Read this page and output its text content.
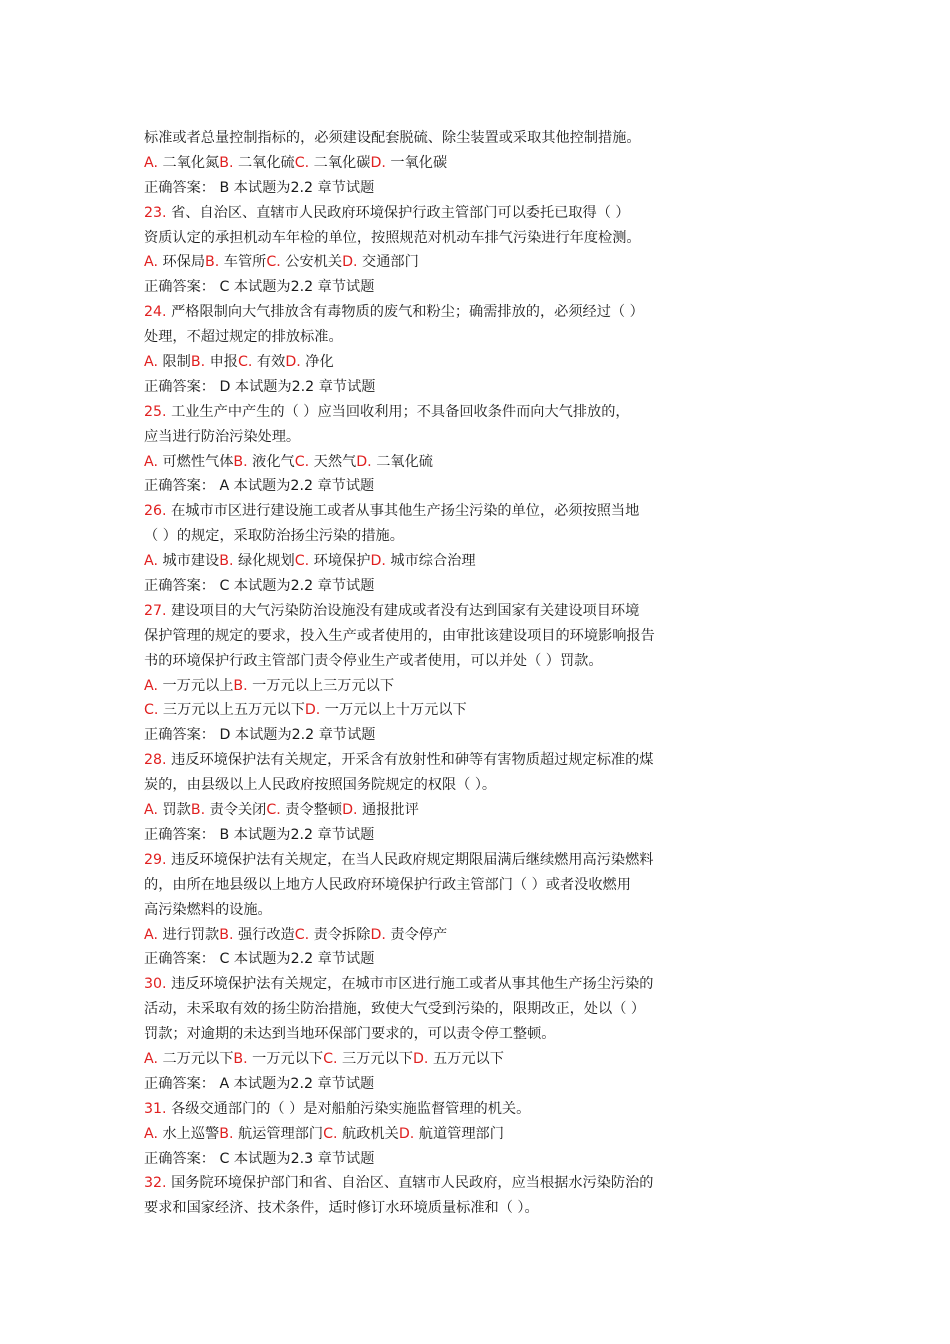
标准或者总量控制指标的，必须建设配套脱硫、除尘装置或采取其他控制措施。
A. 二氧化氮B. 二氧化硫C. 二氧化碳D. 一氧化碳
正确答案： B 本试题为2.2 章节试题
23. 省、自治区、直辖市人民政府环境保护行政主管部门可以委托已取得（ ）
资质认定的承担机动车年检的单位，按照规范对机动车排气污染进行年度检测。
A. 环保局B. 车管所C. 公安机关D. 交通部门
正确答案： C 本试题为2.2 章节试题
24. 严格限制向大气排放含有毒物质的废气和粉尘；确需排放的，必须经过（ ）
处理，不超过规定的排放标准。
A. 限制B. 申报C. 有效D. 净化
正确答案： D 本试题为2.2 章节试题
25. 工业生产中产生的（ ）应当回收利用；不具备回收条件而向大气排放的，
应当进行防治污染处理。
A. 可燃性气体B. 液化气C. 天然气D. 二氧化硫
正确答案： A 本试题为2.2 章节试题
26. 在城市市区进行建设施工或者从事其他生产扬尘污染的单位，必须按照当地
（ ）的规定，采取防治扬尘污染的措施。
A. 城市建设B. 绿化规划C. 环境保护D. 城市综合治理
正确答案： C 本试题为2.2 章节试题
27. 建设项目的大气污染防治设施没有建成或者没有达到国家有关建设项目环境
保护管理的规定的要求，投入生产或者使用的，由审批该建设项目的环境影响报告
书的环境保护行政主管部门责令停业生产或者使用，可以并处（ ）罚款。
A. 一万元以上B. 一万元以上三万元以下
C. 三万元以上五万元以下D. 一万元以上十万元以下
正确答案： D 本试题为2.2 章节试题
28. 违反环境保护法有关规定，开采含有放射性和砷等有害物质超过规定标准的煤
炭的，由县级以上人民政府按照国务院规定的权限（ ）。
A. 罚款B. 责令关闭C. 责令整顿D. 通报批评
正确答案： B 本试题为2.2 章节试题
29. 违反环境保护法有关规定，在当人民政府规定期限届满后继续燃用高污染燃料
的，由所在地县级以上地方人民政府环境保护行政主管部门（ ）或者没收燃用
高污染燃料的设施。
A. 进行罚款B. 强行改造C. 责令拆除D. 责令停产
正确答案： C 本试题为2.2 章节试题
30. 违反环境保护法有关规定，在城市市区进行施工或者从事其他生产扬尘污染的
活动，未采取有效的扬尘防治措施，致使大气受到污染的，限期改正，处以（ ）
罚款；对逾期的未达到当地环保部门要求的，可以责令停工整顿。
A. 二万元以下B. 一万元以下C. 三万元以下D. 五万元以下
正确答案： A 本试题为2.2 章节试题
31. 各级交通部门的（ ）是对船舶污染实施监督管理的机关。
A. 水上巡警B. 航运管理部门C. 航政机关D. 航道管理部门
正确答案： C 本试题为2.3 章节试题
32. 国务院环境保护部门和省、自治区、直辖市人民政府，应当根据水污染防治的
要求和国家经济、技术条件，适时修订水环境质量标准和（ ）。
